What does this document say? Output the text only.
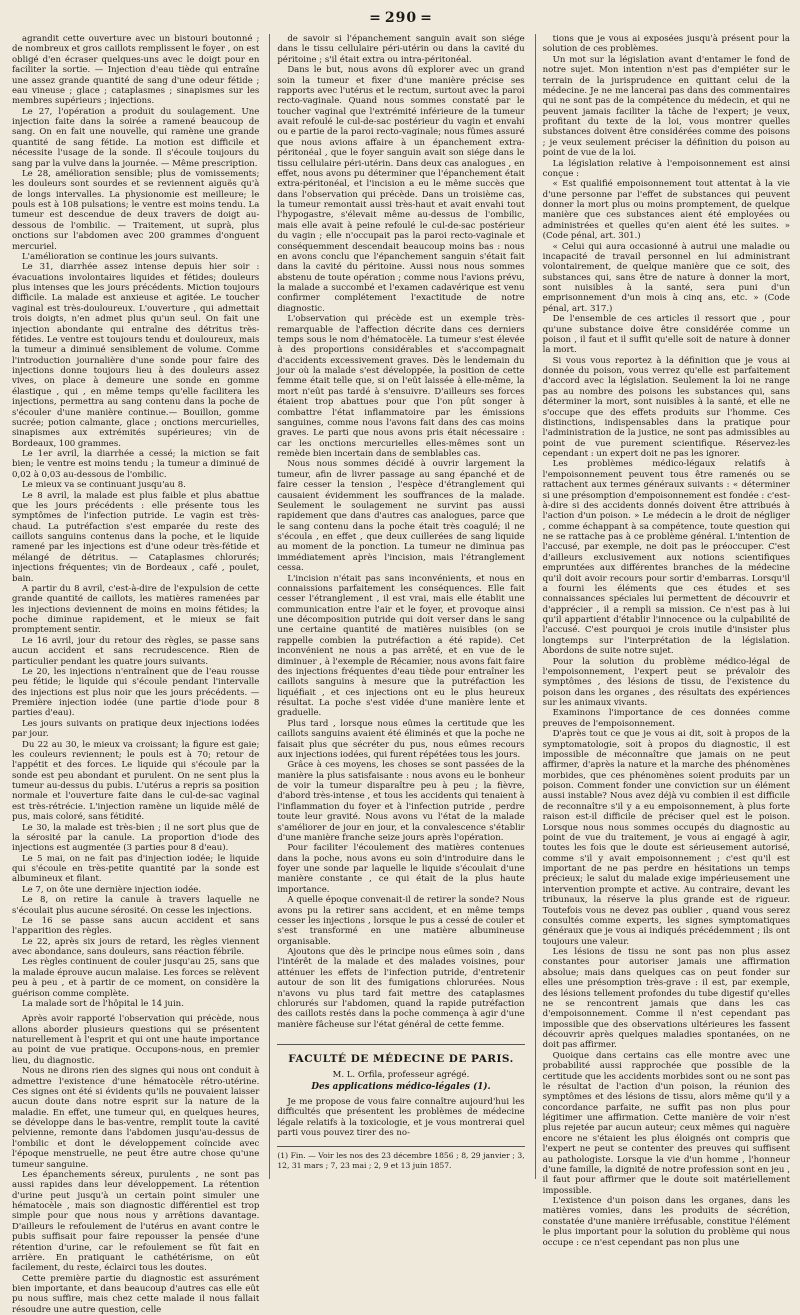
= 290 =

agrandit cette ouverture avec un bistouri boutonné ; de nombreux et gros caillots remplissent le foyer , on est obligé d'en écraser quelques-uns avec le doigt pour en faciliter la sortie. — Injection d'eau tiède qui entraîne une assez grande quantité de sang d'une odeur fétide ; eau vineuse ; glace ; cataplasmes ; sinapismes sur les membres supérieurs ; injections.

Le 27, l'opération a produit du soulagement. Une injection faite dans la soirée a ramené beaucoup de sang. On en fait une nouvelle, qui ramène une grande quantité de sang fétide. La motion est difficile et nécessite l'usage de la sonde. Il s'écoule toujours du sang par la vulve dans la journée. — Même prescription.

Le 28, amélioration sensible; plus de vomissements; les douleurs sont sourdes et se reviennent aiguës qu'à de longs intervalles. La physionomie est meilleure; le pouls est à 108 pulsations; le ventre est moins tendu. La tumeur est descendue de deux travers de doigt au-dessous de l'ombilic. — Traitement, ut suprà, plus onctions sur l'abdomen avec 200 grammes d'onguent mercuriel.

L'amélioration se continue les jours suivants.

Le 31, diarrhée assez intense depuis hier soir : évacuations involontaires liquides et fétides; douleurs plus intenses que les jours précédents. Miction toujours difficile. La malade est anxieuse et agitée. Le toucher vaginal est très-douloureux. L'ouverture , qui admettait trois doigts, n'en admet plus qu'un seul. On fait une injection abondante qui entraîne des détritus très-fétides. Le ventre est toujours tendu et douloureux, mais la tumeur a diminué sensiblement de volume. Comme l'introduction journalière d'une sonde pour faire des injections donne toujours lieu à des douleurs assez vives, on place à demeure une sonde en gomme élastique , qui , en même temps qu'elle facilitera les injections, permettra au sang contenu dans la poche de s'écouler d'une manière continue.— Bouillon, gomme sucrée; potion calmante, glace ; onctions mercurielles, sinapismes aux extrémités supérieures; vin de Bordeaux, 100 grammes.

Le 1er avril, la diarrhée a cessé; la miction se fait bien; le ventre est moins tendu ; la tumeur a diminué de 0,02 à 0,03 au-dessous de l'ombilic.

Le mieux va se continuant jusqu'au 8.

Le 8 avril, la malade est plus faible et plus abattue que les jours précédents : elle présente tous les symptômes de l'infection putride. Le vagin est très-chaud. La putréfaction s'est emparée du reste des caillots sanguins contenus dans la poche, et le liquide ramené par les injections est d'une odeur très-fétide et mélangé de détritus. — Cataplasmes chlorurés; injections fréquentes; vin de Bordeaux , café , poulet, bain.

A partir du 8 avril, c'est-à-dire de l'expulsion de cette grande quantité de caillots, les matières ramenées par les injections deviennent de moins en moins fétides; la poche diminue rapidement, et le mieux se fait promptement sentir.

Le 16 avril, jour du retour des règles, se passe sans aucun accident et sans recrudescence. Rien de particulier pendant les quatre jours suivants.

Le 20, les injections n'entraînent que de l'eau rousse peu fétide; le liquide qui s'écoule pendant l'intervalle des injections est plus noir que les jours précédents. — Première injection iodée (une partie d'iode pour 8 parties d'eau).

Les jours suivants on pratique deux injections iodées par jour.

Du 22 au 30, le mieux va croissant; la figure est gaie; les couleurs reviennent; le pouls est à 70; retour de l'appétit et des forces. Le liquide qui s'écoule par la sonde est peu abondant et purulent. On ne sent plus la tumeur au-dessus du pubis. L'utérus a repris sa position normale et l'ouverture faite dans le cul-de-sac vaginal est très-rétrécie. L'injection ramène un liquide mêlé de pus, mais coloré, sans fétidité.

Le 30, la malade est très-bien ; il ne sort plus que de la sérosité par la canule. La proportion d'iode des injections est augmentée (3 parties pour 8 d'eau).

Le 5 mai, on ne fait pas d'injection iodée; le liquide qui s'écoule en très-petite quantité par la sonde est albumineux et filant.

Le 7, on ôte une dernière injection iodée.

Le 8, on retire la canule à travers laquelle ne s'écoulait plus aucune sérosité. On cesse les injections.

Le 16 se passe sans aucun accident et sans l'apparition des règles.

Le 22, après six jours de retard, les règles viennent avec abondance, sans douleurs, sans réaction fébrile.

Les règles continuent de couler jusqu'au 25, sans que la malade éprouve aucun malaise. Les forces se relèvent peu à peu , et à partir de ce moment, on considère la guérison comme complète.

La malade sort de l'hôpital le 14 juin.

Après avoir rapporté l'observation qui précède, nous allons aborder plusieurs questions qui se présentent naturellement à l'esprit et qui ont une haute importance au point de vue pratique. Occupons-nous, en premier lieu, du diagnostic.

Nous ne dirons rien des signes qui nous ont conduit à admettre l'existence d'une hématocèle rétro-utérine. Ces signes ont été si évidents qu'ils ne pouvaient laisser aucun doute dans notre esprit sur la nature de la maladie. En effet, une tumeur qui, en quelques heures, se développe dans le bas-ventre, remplit toute la cavité pelvienne, remonte dans l'abdomen jusqu'au-dessus de l'ombilic et dont le développement coïncide avec l'époque menstruelle, ne peut être autre chose qu'une tumeur sanguine.

Les épanchements séreux, purulents , ne sont pas aussi rapides dans leur développement. La rétention d'urine peut jusqu'à un certain point simuler une hématocèle , mais son diagnostic différentiel est trop simple pour que nous nous y arrêtions davantage. D'ailleurs le refoulement de l'utérus en avant contre le pubis suffisait pour faire repousser la pensée d'une rétention d'urine, car le refoulement se fût fait en arrière. En pratiquant le cathétérisme, on eût facilement, du reste, éclairci tous les doutes.

Cette première partie du diagnostic est assurément bien importante, et dans beaucoup d'autres cas elle eût pu nous suffire, mais chez cette malade il nous fallait résoudre une autre question, celle

de savoir si l'épanchement sanguin avait son siége dans le tissu cellulaire péri-utérin ou dans la cavité du péritoine ; s'il était extra ou intra-péritonéal.

Dans le but, nous avons dû explorer avec un grand soin la tumeur et fixer d'une manière précise ses rapports avec l'utérus et le rectum, surtout avec la paroi recto-vaginale. Quand nous sommes constaté par le toucher vaginal que l'extrémité inférieure de la tumeur avait refoulé le cul-de-sac postérieur du vagin et envahi ou e partie de la paroi recto-vaginale; nous fûmes assuré que nous avions affaire à un épanchement extra-péritonéal , que le foyer sanguin avait son siége dans le tissu cellulaire péri-utérin. Dans deux cas analogues , en effet, nous avons pu déterminer que l'épanchement était extra-péritonéal, et l'incision a eu le même succès que dans l'observation qui précède. Dans un troisième cas, la tumeur remontait aussi très-haut et avait envahi tout l'hypogastre, s'élevait même au-dessus de l'ombilic, mais elle avait à peine refoulé le cul-de-sac postérieur du vagin ; elle n'occupait pas la paroi recto-vaginale et conséquemment descendait beaucoup moins bas : nous en avons conclu que l'épanchement sanguin s'était fait dans la cavité du péritoine. Aussi nous nous sommes abstenu de toute opération ; comme nous l'avions prévu, la malade a succombé et l'examen cadavérique est venu confirmer complétement l'exactitude de notre diagnostic.

L'observation qui précède est un exemple très-remarquable de l'affection décrite dans ces derniers temps sous le nom d'hématocèle. La tumeur s'est élevée à des proportions considérables et s'accompagnait d'accidents excessivement graves. Dès le lendemain du jour où la malade s'est développée, la position de cette femme était telle que, si on l'eût laissée à elle-même, la mort n'eût pas tardé à s'ensuivre. D'ailleurs ses forces étaient trop abattues pour que l'on pût songer à combattre l'état inflammatoire par les émissions sanguines, comme nous l'avons fait dans des cas moins graves. Le parti que nous avons pris était nécessaire : car les onctions mercurielles elles-mêmes sont un remède bien incertain dans de semblables cas.

Nous nous sommes décidé à ouvrir largement la tumeur, afin de livrer passage au sang épanché et de faire cesser la tension , l'espèce d'étranglement qui causaient évidemment les souffrances de la malade. Seulement le soulagement ne survint pas aussi rapidement que dans d'autres cas analogues, parce que le sang contenu dans la poche était très coagulé; il ne s'écoula , en effet , que deux cuillerées de sang liquide au moment de la ponction. La tumeur ne diminua pas immédiatement après l'incision, mais l'étranglement cessa.

L'incision n'était pas sans inconvénients, et nous en connaissions parfaitement les conséquences. Elle fait cesser l'étranglement , il est vrai, mais elle établit une communication entre l'air et le foyer, et provoque ainsi une décomposition putride qui doit verser dans le sang une certaine quantité de matières nuisibles (on se rappelle combien la putréfaction a été rapide). Cet inconvénient ne nous a pas arrêté, et en vue de le diminuer , à l'exemple de Récamier, nous avons fait faire des injections fréquentes d'eau tiède pour entraîner les caillots sanguins à mesure que la putréfaction les liquéfiait , et ces injections ont eu le plus heureux résultat. La poche s'est vidée d'une manière lente et graduelle.

Plus tard , lorsque nous eûmes la certitude que les caillots sanguins avaient été éliminés et que la poche ne faisait plus que sécréter du pus, nous eûmes recours aux injections iodées, qui furent répétées tous les jours.

Grâce à ces moyens, les choses se sont passées de la manière la plus satisfaisante : nous avons eu le bonheur de voir la tumeur disparaître peu à peu ; la fièvre, d'abord très-intense , et tous les accidents qui tenaient à l'inflammation du foyer et à l'infection putride , perdre toute leur gravité. Nous avons vu l'état de la malade s'améliorer de jour en jour, et la convalescence s'établir d'une manière franche seize jours après l'opération.

Pour faciliter l'écoulement des matières contenues dans la poche, nous avons eu soin d'introduire dans le foyer une sonde par laquelle le liquide s'écoulait d'une manière constante , ce qui était de la plus haute importance.

A quelle époque convenait-il de retirer la sonde? Nous avons pu la retirer sans accident, et en même temps cesser les injections , lorsque le pus a cessé de couler et s'est transformé en une matière albumineuse organisable.

Ajoutons que dès le principe nous eûmes soin , dans l'intérêt de la malade et des malades voisines, pour atténuer les effets de l'infection putride, d'entretenir autour de son lit des fumigations chlorurées. Nous n'avons vu plus tard fait mettre des cataplasmes chlorurés sur l'abdomen, quand la rapide putréfaction des caillots restés dans la poche commença à agir d'une manière fâcheuse sur l'état général de cette femme.

FACULTÉ DE MÉDECINE DE PARIS.
M. L. Orfila, professeur agrégé.
Des applications médico-légales (1).

Je me propose de vous faire connaître aujourd'hui les difficultés que présentent les problèmes de médecine légale relatifs à la toxicologie, et je vous montrerai quel parti vous pouvez tirer des no-

(1) Fin. — Voir les nos des 23 décembre 1856 ; 8, 29 janvier ; 3, 12, 31 mars ; 7, 23 mai ; 2, 9 et 13 juin 1857.

tions que je vous ai exposées jusqu'à présent pour la solution de ces problèmes.

Un mot sur la législation avant d'entamer le fond de notre sujet. Mon intention n'est pas d'empiéter sur le terrain de la jurisprudence en quittant celui de la médecine. Je ne me lancerai pas dans des commentaires qui ne sont pas de la compétence du médecin, et qui ne peuvent jamais faciliter la tâche de l'expert; je veux, profitant du texte de la loi, vous montrer quelles substances doivent être considérées comme des poisons ; je veux seulement préciser la définition du poison au point de vue de la loi.

La législation relative à l'empoisonnement est ainsi conçue :

« Est qualifié empoisonnement tout attentat à la vie d'une personne par l'effet de substances qui peuvent donner la mort plus ou moins promptement, de quelque manière que ces substances aient été employées ou administrées et quelles qu'en aient été les suites. » (Code pénal, art. 301.)

« Celui qui aura occasionné à autrui une maladie ou incapacité de travail personnel en lui administrant volontairement, de quelque manière que ce soit, des substances qui, sans être de nature à donner la mort, sont nuisibles à la santé, sera puni d'un emprisonnement d'un mois à cinq ans, etc. » (Code pénal, art. 317.)

De l'ensemble de ces articles il ressort que , pour qu'une substance doive être considérée comme un poison , il faut et il suffit qu'elle soit de nature à donner la mort.

Si vous vous reportez à la définition que je vous ai donnée du poison, vous verrez qu'elle est parfaitement d'accord avec la législation. Seulement la loi ne range pas au nombre des poisons les substances qui, sans déterminer la mort, sont nuisibles à la santé, et elle ne s'occupe que des effets produits sur l'homme. Ces distinctions, indispensables dans la pratique pour l'administration de la justice, ne sont pas admissibles au point de vue purement scientifique. Réservez-les cependant : un expert doit ne pas les ignorer.

Les problèmes médico-légaux relatifs à l'empoisonnement peuvent tous être ramenés ou se rattachent aux termes généraux suivants : « déterminer si une présomption d'empoisonnement est fondée : c'est-à-dire si des accidents donnés doivent être attribués à l'action d'un poison. » Le médecin a le droit de négliger , comme échappant à sa compétence, toute question qui ne se rattache pas à ce problème général. L'intention de l'accusé, par exemple, ne doit pas le préoccuper. C'est d'ailleurs exclusivement aux notions scientifiques empruntées aux différentes branches de la médecine qu'il doit avoir recours pour sortir d'embarras. Lorsqu'il a fourni les éléments que ces études et ses connaissances spéciales lui permettent de découvrir et d'apprécier , il a rempli sa mission. Ce n'est pas à lui qu'il appartient d'établir l'innocence ou la culpabilité de l'accusé. C'est pourquoi je crois inutile d'insister plus longtemps sur l'interprétation de la législation. Abordons de suite notre sujet.

Pour la solution du problème médico-légal de l'empoisonnement, l'expert peut se prévaloir des symptômes , des lésions de tissu, de l'existence du poison dans les organes , des résultats des expériences sur les animaux vivants.

Examinons l'importance de ces données comme preuves de l'empoisonnement.

D'après tout ce que je vous ai dit, soit à propos de la symptomatologie, soit à propos du diagnostic, il est impossible de méconnaître que jamais on ne peut affirmer, d'après la nature et la marche des phénomènes morbides, que ces phénomènes soient produits par un poison. Comment fonder une conviction sur un élément aussi instable? Nous avez déjà vu combien il est difficile de reconnaître s'il y a eu empoisonnement, à plus forte raison est-il difficile de préciser quel est le poison. Lorsque nous nous sommes occupés du diagnostic au point de vue du traitement, je vous ai engagé à agir, toutes les fois que le doute est sérieusement autorisé, comme s'il y avait empoisonnement ; c'est qu'il est important de ne pas perdre en hésitations un temps précieux; le salut du malade exige impérieusement une intervention prompte et active. Au contraire, devant les tribunaux, la réserve la plus grande est de rigueur. Toutefois vous ne devez pas oublier , quand vous serez consultés comme experts, les signes symptomatiques généraux que je vous ai indiqués précédemment ; ils ont toujours une valeur.

Les lésions de tissu ne sont pas non plus assez constantes pour autoriser jamais une affirmation absolue; mais dans quelques cas on peut fonder sur elles une présomption très-grave : il est, par exemple, des lésions tellement profondes du tube digestif qu'elles ne se rencontrent jamais que dans les cas d'empoisonnement. Comme il n'est cependant pas impossible que des observations ultérieures les fassent découvrir après quelques maladies spontanées, on ne doit pas affirmer.

Quoique dans certains cas elle montre avec une probabilité aussi rapprochée que possible de la certitude que les accidents morbides sont ou ne sont pas le résultat de l'action d'un poison, la réunion des symptômes et des lésions de tissu, alors même qu'il y a concordance parfaite, ne suffit pas non plus pour légitimer une affirmation. Cette manière de voir n'est plus rejetée par aucun auteur; ceux mêmes qui naguère encore ne s'étaient les plus éloignés ont compris que l'expert ne peut se contenter des preuves qui suffisent au pathologiste. Lorsque la vie d'un homme , l'honneur d'une famille, la dignité de notre profession sont en jeu , il faut pour affirmer que le doute soit matériellement impossible.

L'existence d'un poison dans les organes, dans les matières vomies, dans les produits de sécrétion, constatée d'une manière irréfusable, constitue l'élément le plus important pour la solution du problème qui nous occupe : ce n'est cependant pas non plus une
